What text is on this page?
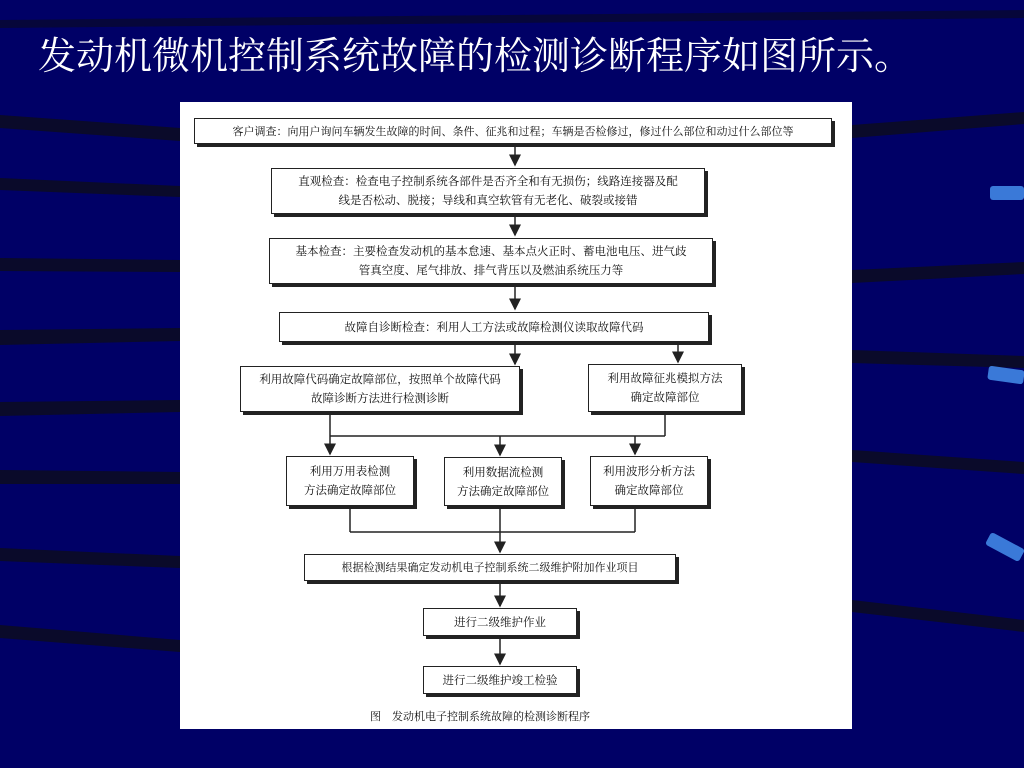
发动机微机控制系统故障的检测诊断程序如图所示。
客户调查：向用户询问车辆发生故障的时间、条件、征兆和过程；车辆是否检修过，修过什么部位和动过什么部位等
直观检查：检查电子控制系统各部件是否齐全和有无损伤；线路连接器及配
线是否松动、脱接；导线和真空软管有无老化、破裂或接错
基本检查：主要检查发动机的基本怠速、基本点火正时、蓄电池电压、进气歧
管真空度、尾气排放、排气背压以及燃油系统压力等
故障自诊断检查：利用人工方法或故障检测仪读取故障代码
利用故障代码确定故障部位，按照单个故障代码
故障诊断方法进行检测诊断
利用故障征兆模拟方法
确定故障部位
利用万用表检测
方法确定故障部位
利用数据流检测
方法确定故障部位
利用波形分析方法
确定故障部位
根据检测结果确定发动机电子控制系统二级维护附加作业项目
进行二级维护作业
进行二级维护竣工检验
图　发动机电子控制系统故障的检测诊断程序
